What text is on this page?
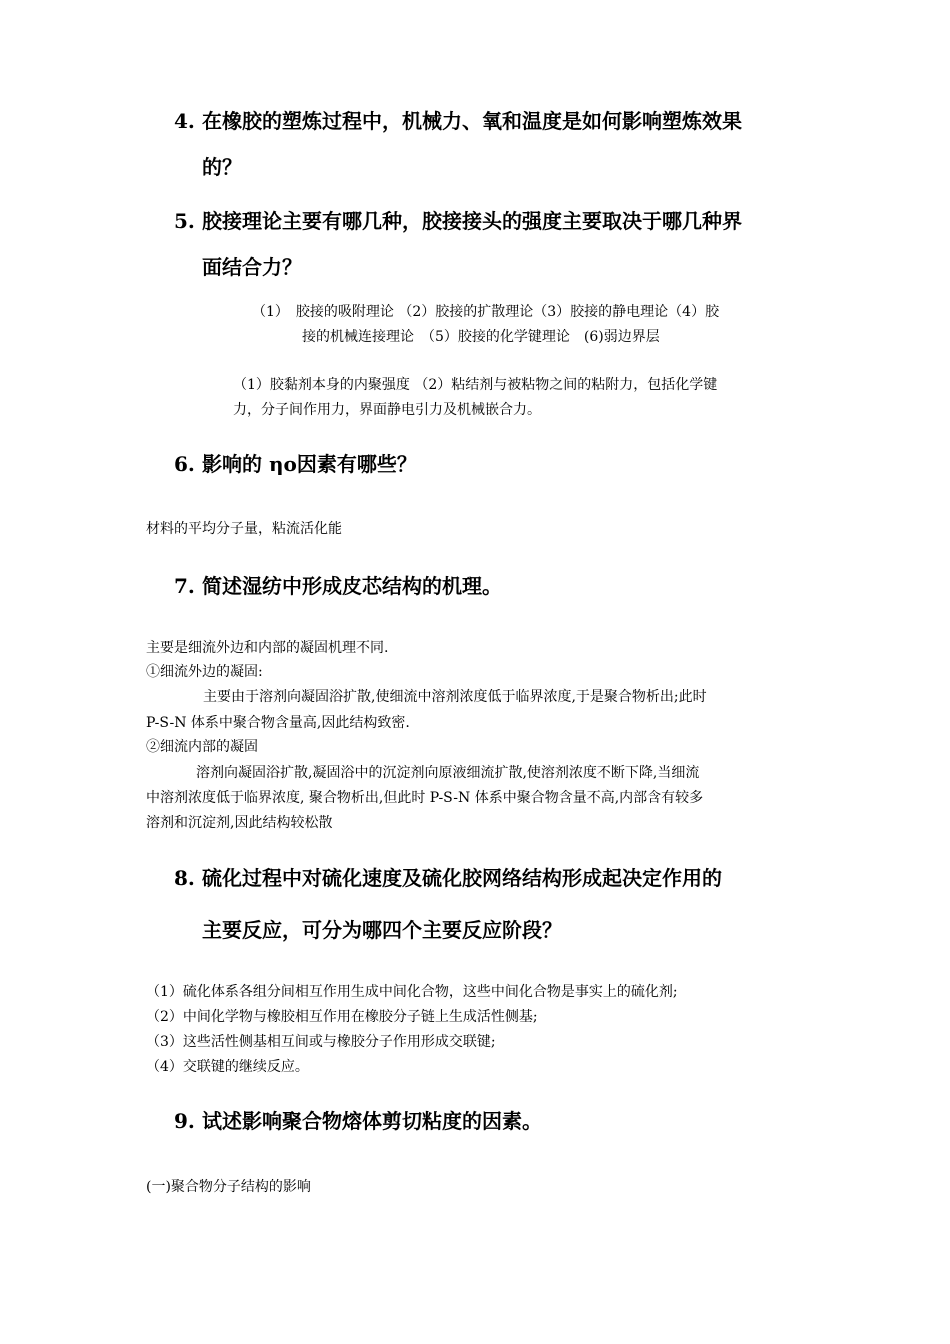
4. 在橡胶的塑炼过程中，机械力、氧和温度是如何影响塑炼效果
的？
5. 胶接理论主要有哪几种，胶接接头的强度主要取决于哪几种界
面结合力？
（1）　胶接的吸附理论 （2）胶接的扩散理论（3）胶接的静电理论（4）胶
接的机械连接理论　（5）胶接的化学键理论　(6)弱边界层
（1）胶黏剂本身的内聚强度 （2）粘结剂与被粘物之间的粘附力，包括化学键
力，分子间作用力，界面静电引力及机械嵌合力。
6. 影响的 ηo因素有哪些？
材料的平均分子量，粘流活化能
7. 简述湿纺中形成皮芯结构的机理。
主要是细流外边和内部的凝固机理不同.
①细流外边的凝固:
主要由于溶剂向凝固浴扩散,使细流中溶剂浓度低于临界浓度,于是聚合物析出;此时
P-S-N 体系中聚合物含量高,因此结构致密.
②细流内部的凝固
溶剂向凝固浴扩散,凝固浴中的沉淀剂向原液细流扩散,使溶剂浓度不断下降,当细流
中溶剂浓度低于临界浓度, 聚合物析出,但此时 P-S-N 体系中聚合物含量不高,内部含有较多
溶剂和沉淀剂,因此结构较松散
8. 硫化过程中对硫化速度及硫化胶网络结构形成起决定作用的
主要反应，可分为哪四个主要反应阶段？
（1）硫化体系各组分间相互作用生成中间化合物，这些中间化合物是事实上的硫化剂;
（2）中间化学物与橡胶相互作用在橡胶分子链上生成活性侧基;
（3）这些活性侧基相互间或与橡胶分子作用形成交联键;
（4）交联键的继续反应。
9. 试述影响聚合物熔体剪切粘度的因素。
(一)聚合物分子结构的影响
